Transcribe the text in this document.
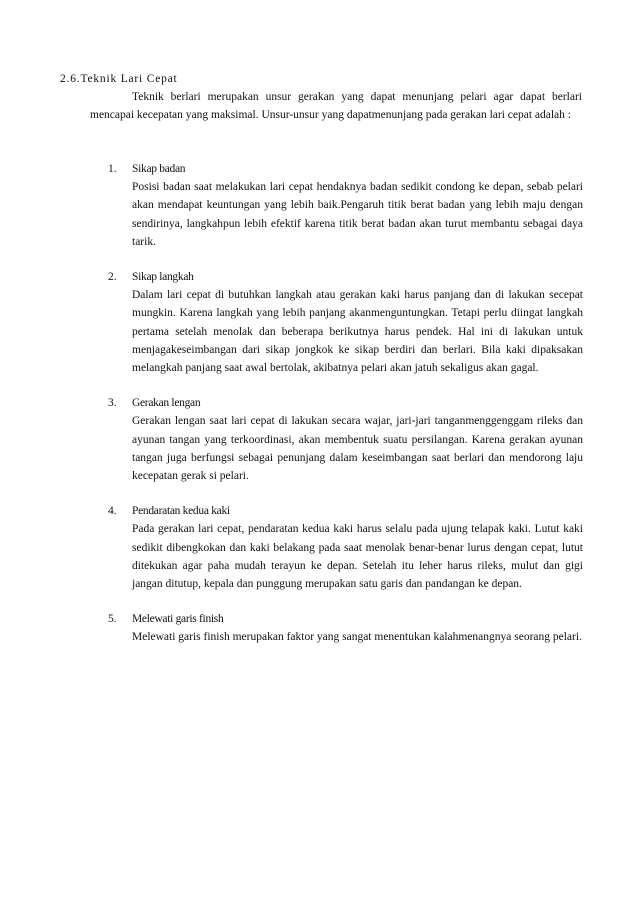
2.6.Teknik Lari Cepat
Teknik berlari merupakan unsur gerakan yang dapat menunjang pelari agar dapat berlari mencapai kecepatan yang maksimal. Unsur-unsur yang dapatmenunjang pada gerakan lari cepat adalah :
1. Sikap badan
Posisi badan saat melakukan lari cepat hendaknya badan sedikit condong ke depan, sebab pelari akan mendapat keuntungan yang lebih baik.Pengaruh titik berat badan yang lebih maju dengan sendirinya, langkahpun lebih efektif karena titik berat badan akan turut membantu sebagai daya tarik.
2. Sikap langkah
Dalam lari cepat di butuhkan langkah atau gerakan kaki harus panjang dan di lakukan secepat mungkin. Karena langkah yang lebih panjang akanmenguntungkan. Tetapi perlu diingat langkah pertama setelah menolak dan beberapa berikutnya harus pendek. Hal ini di lakukan untuk menjagakeseimbangan dari sikap jongkok ke sikap berdiri dan berlari. Bila kaki dipaksakan melangkah panjang saat awal bertolak, akibatnya pelari akan jatuh sekaligus akan gagal.
3. Gerakan lengan
Gerakan lengan saat lari cepat di lakukan secara wajar, jari-jari tanganmenggenggam rileks dan ayunan tangan yang terkoordinasi, akan membentuk suatu persilangan. Karena gerakan ayunan tangan juga berfungsi sebagai penunjang dalam keseimbangan saat berlari dan mendorong laju kecepatan gerak si pelari.
4. Pendaratan kedua kaki
Pada gerakan lari cepat, pendaratan kedua kaki harus selalu pada ujung telapak kaki. Lutut kaki sedikit dibengkokan dan kaki belakang pada saat menolak benar-benar lurus dengan cepat, lutut ditekukan agar paha mudah terayun ke depan. Setelah itu leher harus rileks, mulut dan gigi jangan ditutup, kepala dan punggung merupakan satu garis dan pandangan ke depan.
5. Melewati garis finish
Melewati garis finish merupakan faktor yang sangat menentukan kalahmenangnya seorang pelari.
